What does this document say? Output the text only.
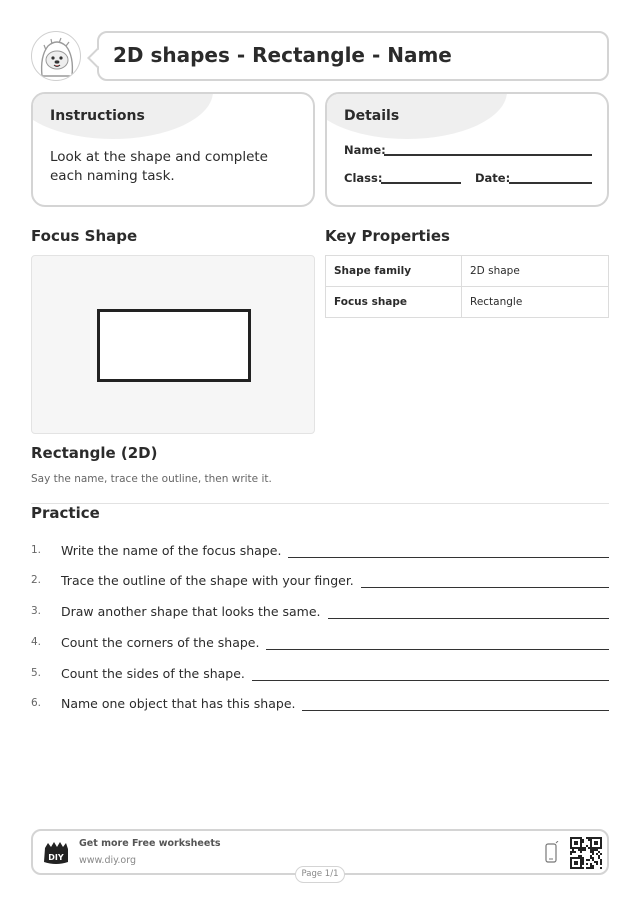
2D shapes - Rectangle - Name
Instructions
Look at the shape and complete each naming task.
Details
Name:
Class:	Date:
Focus Shape	Key Properties
Shape family	2D shape
Focus shape	Rectangle
Rectangle (2D)
Say the name, trace the outline, then write it.
Practice
1.	Write the name of the focus shape.
2.	Trace the outline of the shape with your finger.
3.	Draw another shape that looks the same.
4.	Count the corners of the shape.
5.	Count the sides of the shape.
6.	Name one object that has this shape.
DIY
Get more Free worksheets
www.diy.org
Page 1/1
